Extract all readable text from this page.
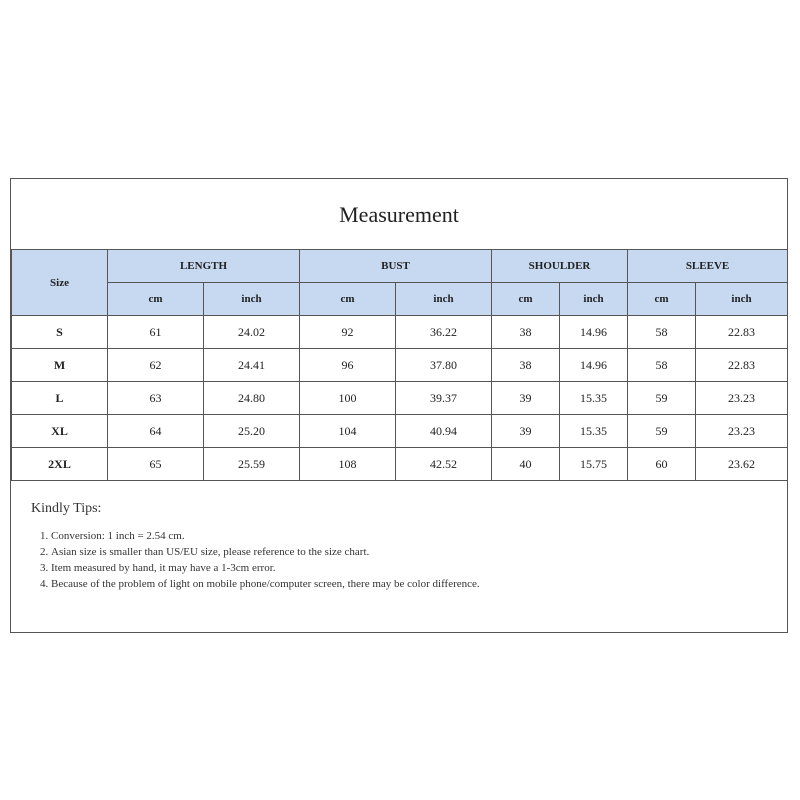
Measurement
Size	LENGTH		BUST		SHOULDER		SLEEVE	
	cm	inch	cm	inch	cm	inch	cm	inch
S	61	24.02	92	36.22	38	14.96	58	22.83
M	62	24.41	96	37.80	38	14.96	58	22.83
L	63	24.80	100	39.37	39	15.35	59	23.23
XL	64	25.20	104	40.94	39	15.35	59	23.23
2XL	65	25.59	108	42.52	40	15.75	60	23.62
Kindly Tips:
1. Conversion: 1 inch = 2.54 cm.
2. Asian size is smaller than US/EU size, please reference to the size chart.
3. Item measured by hand, it may have a 1-3cm error.
4. Because of the problem of light on mobile phone/computer screen, there may be color difference.
